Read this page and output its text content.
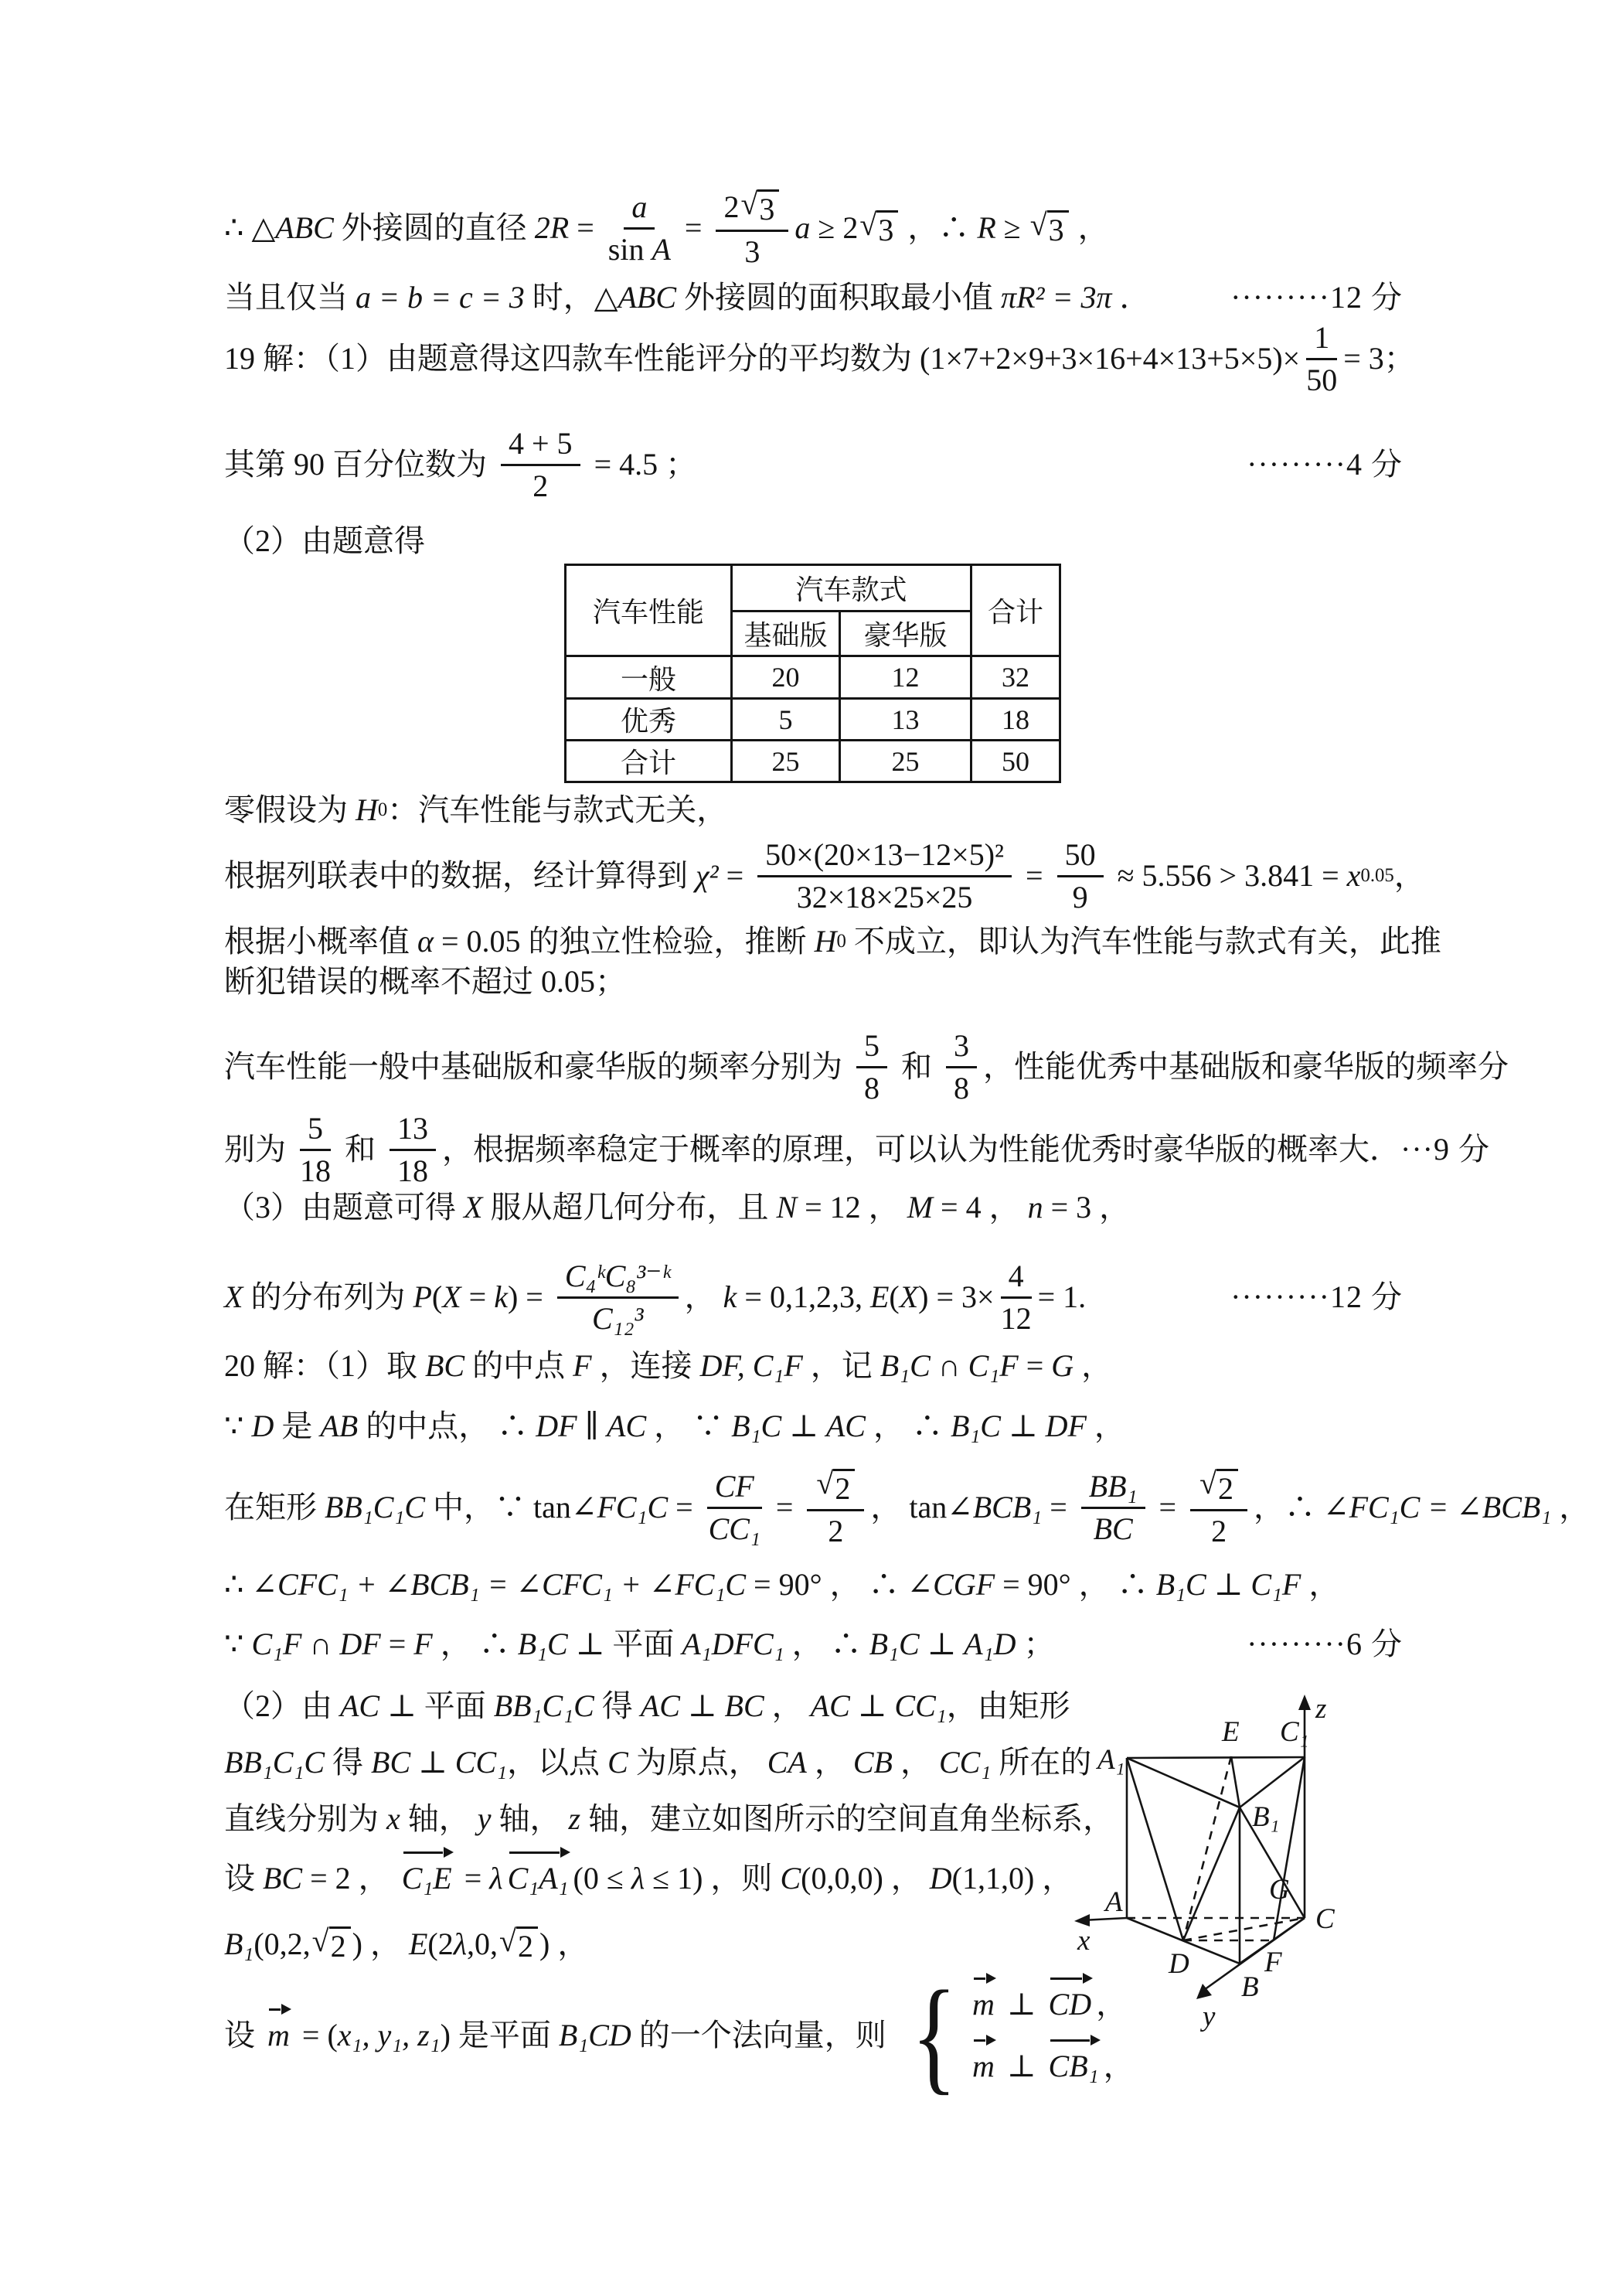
∴ △ ABC 外接圆的直径 $2R = \frac{a}{\text{sin A}} = \frac{2 √ 3}{3}$ a ≥ 2 √ 3 ，∴ R ≥ √ 3 ，
当且仅当 a = b = c = 3 时，△ ABC 外接圆的面积取最小值 πR² = 3π ．	·········12 分
19 解：（1）由题意得这四款车性能评分的平均数为 $(1\times 7+2\times 9+3\times 16+4\times 13+5\times 5)\times \frac{1}{50} = 3$；
其第 90 百分位数为 $\frac{4 + 5}{2} = 4.5$ ；	·········4 分
（2）由题意得
零假设为 H 0 ：汽车性能与款式无关，
根据列联表中的数据，经计算得到 $\chi^2 = \frac{\text{50×(20×13−12×5)²}}{32\times 18\times 25\times 25} = \frac{50}{9} \approx 5.556 > 3.841 = x$ 0.05 ，
根据小概率值 α = 0.05 的独立性检验，推断 H 0 不成立，即认为汽车性能与款式有关，此推
断犯错误的概率不超过 0.05；
汽车性能一般中基础版和豪华版的频率分别为 $\frac{5}{8}$ 和 $\frac{3}{8}$ ，性能优秀中基础版和豪华版的频率分
别为 $\frac{5}{18}$ 和 $\frac{13}{18}$ ，根据频率稳定于概率的原理，可以认为性能优秀时豪华版的概率大． ···9 分
（3）由题意可得 X 服从超几何分布，且 N = 12 ， M = 4 ， n = 3 ，
X 的分布列为 P ( X = k ) = $\frac{\text{C₄ᵏC₈³⁻ᵏ}}{\text{C₁₂³}}$ ， k = 0,1,2,3, E ( X ) = $3\times \frac{4}{12} = 1$.	·········12 分
20 解：（1）取 BC 的中点 F ，连接 DF, C₁F ，记 B₁C ∩ C₁F = G ，
∵ D 是 AB 的中点， ∴ DF ∥ AC ， ∵ B₁C ⊥ AC ， ∴ B₁C ⊥ DF ，
在矩形 BB₁C₁C 中，∵ tan ∠FC₁C = $\frac{CF}{\text{CC₁}} = \frac{√ 2}{2}$ ， tan ∠BCB₁ = $\frac{\text{BB₁}}{BC} = \frac{√ 2}{2}$ ，∴ ∠FC₁C = ∠BCB₁ ，
∴ ∠CFC₁ + ∠BCB₁ = ∠CFC₁ + ∠FC₁C = 90° ， ∴ ∠CGF = 90° ， ∴ B₁C ⊥ C₁F ，
∵ C₁F ∩ DF = F ， ∴ B₁C ⊥ 平面 A₁DFC₁ ， ∴ B₁C ⊥ A₁D ；	·········6 分
（2）由 AC ⊥ 平面 BB₁C₁C 得 AC ⊥ BC ， AC ⊥ CC₁ ，由矩形
BB₁C₁C 得 BC ⊥ CC₁ ，以点 C 为原点， CA ， CB ， CC₁ 所在的
直线分别为 x 轴， y 轴， z 轴，建立如图所示的空间直角坐标系，
设 BC = 2 ， C₁E = λ C₁A₁ (0 ≤ λ ≤ 1) ，则 C (0,0,0) ， D (1,1,0) ，
B₁ (0,2, √ 2 ) ， E (2 λ ,0, √ 2 ) ，
设 m = ( x₁, y₁, z₁ ) 是平面 B₁CD 的一个法向量，则 { m ⊥ CD ，
m ⊥ CB₁ ，
汽车性能	汽车款式		合计
	基础版	豪华版	
一般	20	12	32
优秀	5	13	18
合计	25	25	50
A₁
E C₁
B₁
G
A
C
D	F
B
x
y
z
